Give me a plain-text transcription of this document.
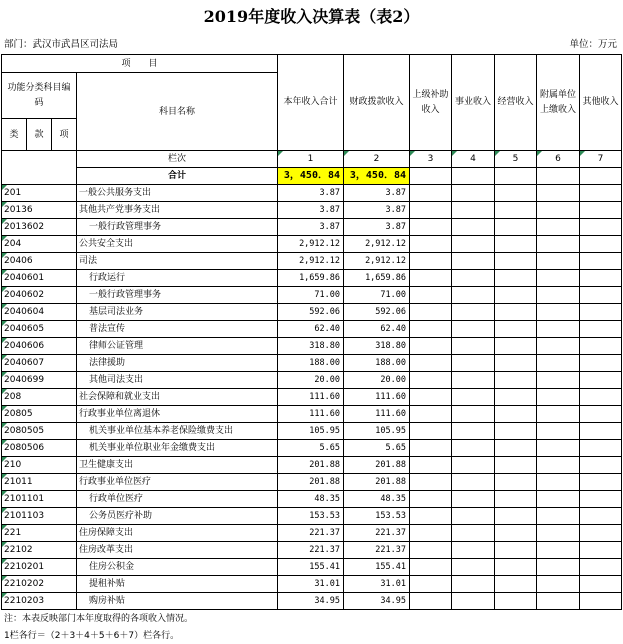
2019年度收入决算表（表2）
部门：武汉市武昌区司法局	单位：万元
项　　目				本年收入合计	财政拨款收入	上级补助收入	事业收入	经营收入	附属单位上缴收入	其他收入
功能分类科目编码			科目名称							
类	款	项								
			栏次	1	2	3	4	5	6	7
			合计	3，450．84	3，450．84					

201			一般公共服务支出	3.87	3.87					

20136			其他共产党事务支出	3.87	3.87					

2013602			一般行政管理事务	3.87	3.87					

204			公共安全支出	2,912.12	2,912.12					

20406			司法	2,912.12	2,912.12					

2040601			行政运行	1,659.86	1,659.86					

2040602			一般行政管理事务	71.00	71.00					

2040604			基层司法业务	592.06	592.06					

2040605			普法宣传	62.40	62.40					

2040606			律师公证管理	318.80	318.80					

2040607			法律援助	188.00	188.00					

2040699			其他司法支出	20.00	20.00					

208			社会保障和就业支出	111.60	111.60					

20805			行政事业单位离退休	111.60	111.60					

2080505			机关事业单位基本养老保险缴费支出	105.95	105.95					

2080506			机关事业单位职业年金缴费支出	5.65	5.65					

210			卫生健康支出	201.88	201.88					

21011			行政事业单位医疗	201.88	201.88					

2101101			行政单位医疗	48.35	48.35					

2101103			公务员医疗补助	153.53	153.53					

221			住房保障支出	221.37	221.37					

22102			住房改革支出	221.37	221.37					

2210201			住房公积金	155.41	155.41					

2210202			提租补贴	31.01	31.01					

2210203			购房补贴	34.95	34.95					
注：本表反映部门本年度取得的各项收入情况。
1栏各行＝（2＋3＋4＋5＋6＋7）栏各行。
